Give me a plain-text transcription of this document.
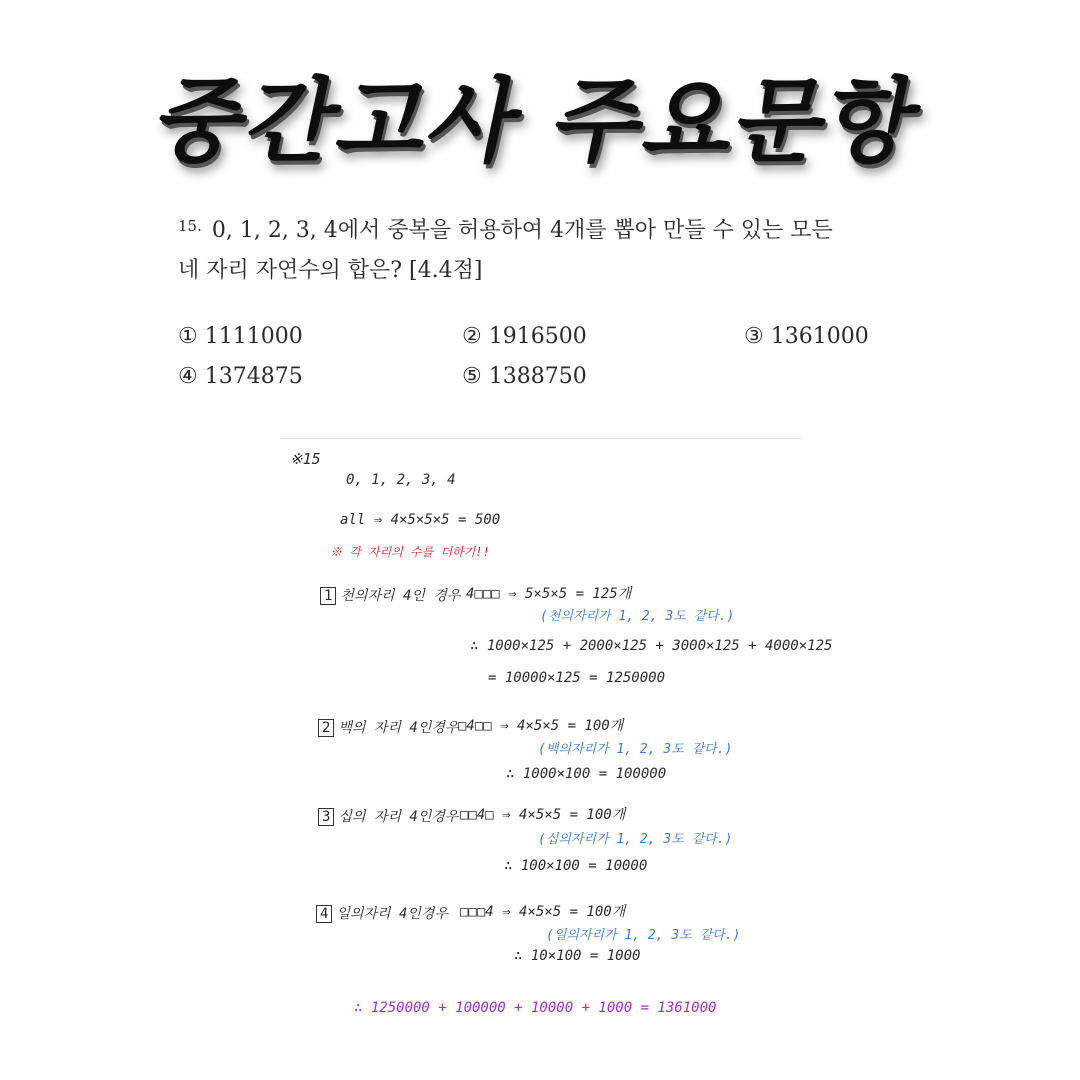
중간고사 주요문항
$^{15.}$ 0, 1, 2, 3, 4에서 중복을 허용하여 4개를 뽑아 만들 수 있는 모든
네 자리 자연수의 합은? [4.4점]
① 1111000	② 1916500	③ 1361000
④ 1374875	⑤ 1388750
※15
0, 1, 2, 3, 4
all ⇒ 4×5×5×5 = 500
※ 각 자리의 수를 더하기!!
1 천의자리 4인 경우 4□□□ ⇒ 5×5×5 = 125개
(천의자리가 1, 2, 3도 같다.)
∴ 1000×125 + 2000×125 + 3000×125 + 4000×125
= 10000×125 = 1250000
2 백의 자리 4인경우 □4□□ ⇒ 4×5×5 = 100개
(백의자리가 1, 2, 3도 같다.)
∴ 1000×100 = 100000
3 십의 자리 4인경우 □□4□ ⇒ 4×5×5 = 100개
(십의자리가 1, 2, 3도 같다.)
∴ 100×100 = 10000
4 일의자리 4인경우 □□□4 ⇒ 4×5×5 = 100개
(일의자리가 1, 2, 3도 같다.)
∴ 10×100 = 1000
∴ 1250000 + 100000 + 10000 + 1000 = 1361000
